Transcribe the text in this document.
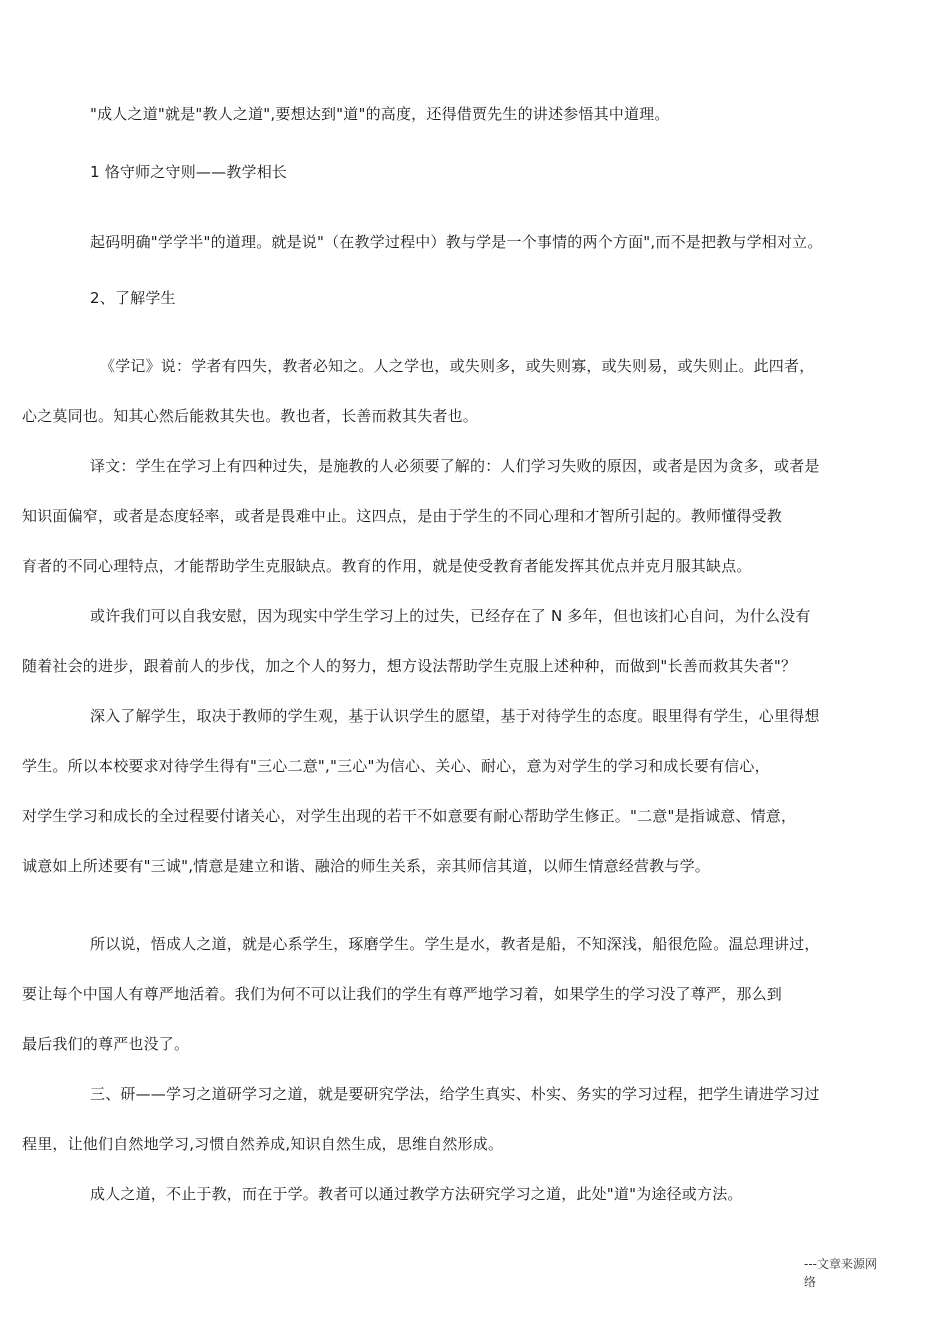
"成人之道"就是"教人之道",要想达到"道"的高度，还得借贾先生的讲述参悟其中道理。
1 恪守师之守则——教学相长
起码明确"学学半"的道理。就是说"（在教学过程中）教与学是一个事情的两个方面",而不是把教与学相对立。
2、了解学生
《学记》说：学者有四失，教者必知之。人之学也，或失则多，或失则寡，或失则易，或失则止。此四者，
心之莫同也。知其心然后能救其失也。教也者，长善而救其失者也。
译文：学生在学习上有四种过失，是施教的人必须要了解的：人们学习失败的原因，或者是因为贪多，或者是
知识面偏窄，或者是态度轻率，或者是畏难中止。这四点，是由于学生的不同心理和才智所引起的。教师懂得受教
育者的不同心理特点，才能帮助学生克服缺点。教育的作用，就是使受教育者能发挥其优点并克月服其缺点。
或许我们可以自我安慰，因为现实中学生学习上的过失，已经存在了 N 多年，但也该扪心自问，为什么没有
随着社会的进步，跟着前人的步伐，加之个人的努力，想方设法帮助学生克服上述种种，而做到"长善而救其失者"？
深入了解学生，取决于教师的学生观，基于认识学生的愿望，基于对待学生的态度。眼里得有学生，心里得想
学生。所以本校要求对待学生得有"三心二意","三心"为信心、关心、耐心，意为对学生的学习和成长要有信心，
对学生学习和成长的全过程要付诸关心，对学生出现的若干不如意要有耐心帮助学生修正。"二意"是指诚意、情意，
诚意如上所述要有"三诚",情意是建立和谐、融洽的师生关系，亲其师信其道，以师生情意经营教与学。
所以说，悟成人之道，就是心系学生，琢磨学生。学生是水，教者是船，不知深浅，船很危险。温总理讲过，
要让每个中国人有尊严地活着。我们为何不可以让我们的学生有尊严地学习着，如果学生的学习没了尊严，那么到
最后我们的尊严也没了。
三、研——学习之道研学习之道，就是要研究学法，给学生真实、朴实、务实的学习过程，把学生请进学习过
程里，让他们自然地学习,习惯自然养成,知识自然生成，思维自然形成。
成人之道，不止于教，而在于学。教者可以通过教学方法研究学习之道，此处"道"为途径或方法。
---文章来源网
络
